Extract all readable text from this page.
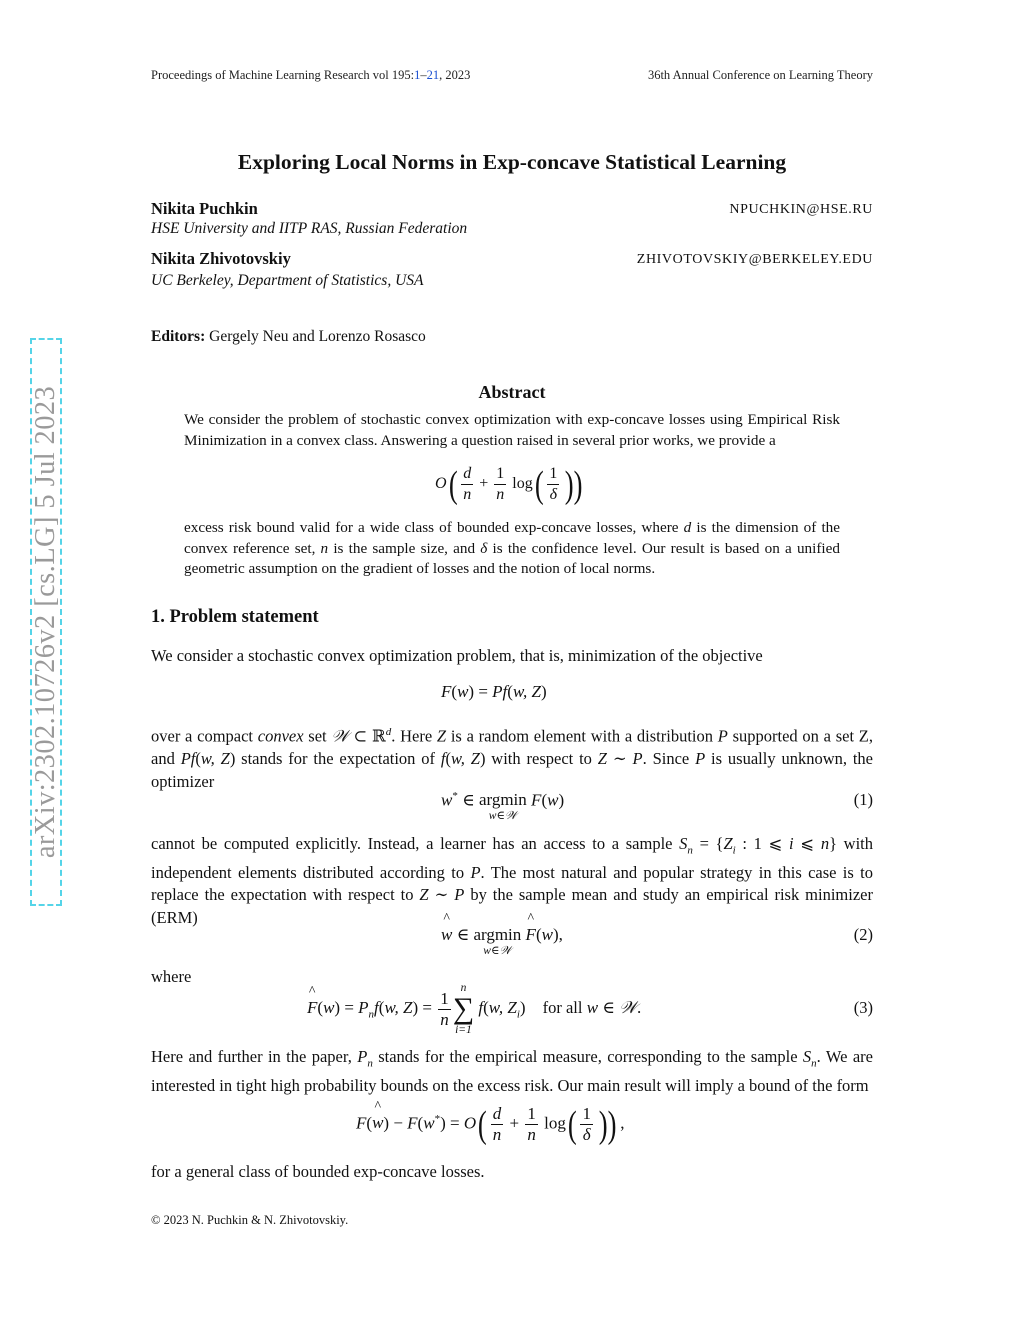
Proceedings of Machine Learning Research vol 195:1–21, 2023	36th Annual Conference on Learning Theory
arXiv:2302.10726v2 [cs.LG] 5 Jul 2023
Exploring Local Norms in Exp-concave Statistical Learning
Nikita Puchkin	NPUCHKIN@HSE.RU
HSE University and IITP RAS, Russian Federation
Nikita Zhivotovskiy	ZHIVOTOVSKIY@BERKELEY.EDU
UC Berkeley, Department of Statistics, USA
Editors: Gergely Neu and Lorenzo Rosasco
Abstract
We consider the problem of stochastic convex optimization with exp-concave losses using Empirical Risk Minimization in a convex class. Answering a question raised in several prior works, we provide a
$O( \frac{d}{n} + \frac{1}{n} \log( \frac{1}{\delta}$ ))
excess risk bound valid for a wide class of bounded exp-concave losses, where d is the dimension of the convex reference set, n is the sample size, and δ is the confidence level. Our result is based on a unified geometric assumption on the gradient of losses and the notion of local norms.
1. Problem statement
We consider a stochastic convex optimization problem, that is, minimization of the objective
F(w) = Pf(w, Z)
over a compact convex set 𝒲 ⊂ ℝ$^d$. Here Z is a random element with a distribution P supported on a set Z, and Pf(w, Z) stands for the expectation of f(w, Z) with respect to Z ∼ P. Since P is usually unknown, the optimizer
w* ∈ argmin
w∈𝒲
F(w)	(1)
cannot be computed explicitly. Instead, a learner has an access to a sample $S_n = \{Z_i$ : 1 ⩽ i ⩽ n} with independent elements distributed according to P. The most natural and popular strategy in this case is to replace the expectation with respect to Z ∼ P by the sample mean and study an empirical risk minimizer (ERM)
^ w ∈ argmin
w∈𝒲
^ F(w),	(2)
where
^ $F(w) = P_nf(w$, $Z) = \frac{1}{n}$
n
∑
i=1
f(w, $Z_i$)    for all w ∈ 𝒲.	(3)
Here and further in the paper, $P_n$ stands for the empirical measure, corresponding to the sample $S_n$. We are interested in tight high probability bounds on the excess risk. Our main result will imply a bound of the form
F(^ $w) - F(w^*) = O( \frac{d}{n} + \frac{1}{n} \log( \frac{1}{\delta}$ )) ,
for a general class of bounded exp-concave losses.
© 2023 N. Puchkin & N. Zhivotovskiy.
